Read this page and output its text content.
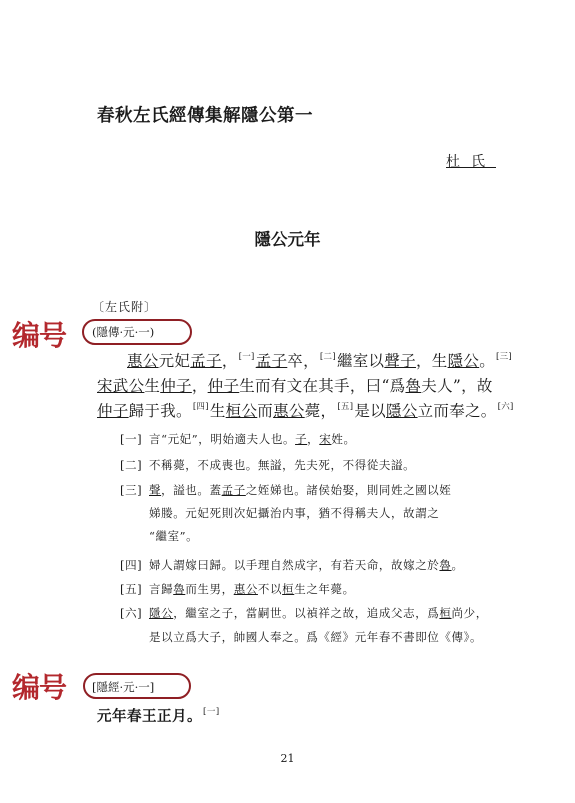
春秋左氏經傳集解隱公第一
杜氏
隱公元年
〔左氏附〕
编号 (隱傳·元·一)
惠公元妃孟子，[一]孟子卒，[二]繼室以聲子，生隱公。[三]
宋武公生仲子，仲子生而有文在其手，曰“爲魯夫人”，故
仲子歸于我。[四]生桓公而惠公薨，[五]是以隱公立而奉之。[六]
[一] 言“元妃”，明始適夫人也。子，宋姓。
[二] 不稱薨，不成喪也。無謚，先夫死，不得從夫謚。
[三] 聲，謚也。蓋孟子之姪娣也。諸侯始娶，則同姓之國以姪
娣媵。元妃死則次妃攝治内事，猶不得稱夫人，故謂之
“繼室”。
[四] 婦人謂嫁曰歸。以手理自然成字，有若天命，故嫁之於魯。
[五] 言歸魯而生男，惠公不以桓生之年薨。
[六] 隱公，繼室之子，當嗣世。以禎祥之故，追成父志，爲桓尚少，
是以立爲大子，帥國人奉之。爲《經》元年春不書即位《傳》。
编号 [隱經·元·一]
元年春王正月。[一]
21
